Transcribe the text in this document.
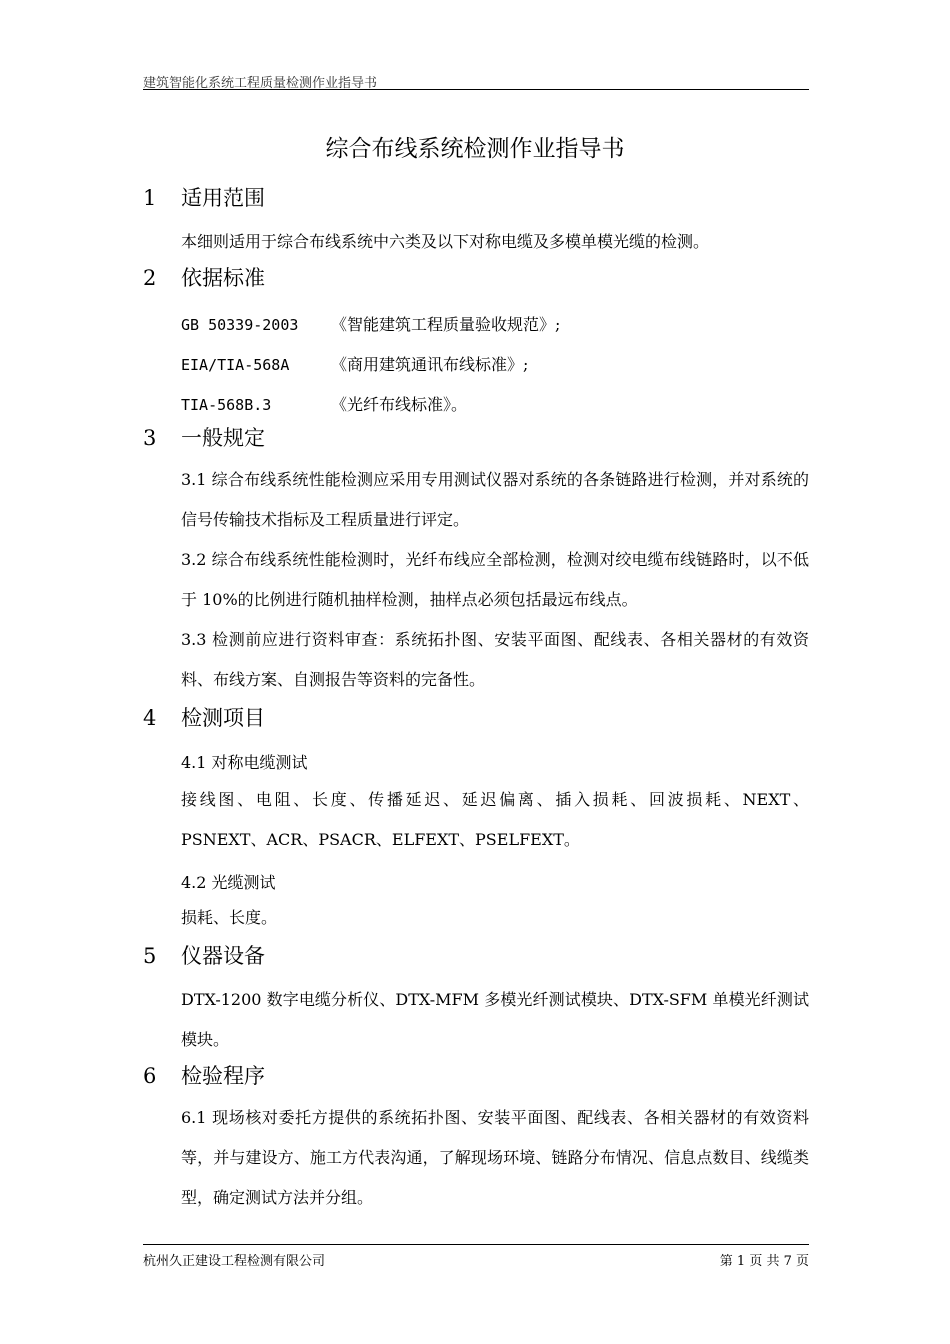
建筑智能化系统工程质量检测作业指导书
综合布线系统检测作业指导书
1 适用范围
本细则适用于综合布线系统中六类及以下对称电缆及多模单模光缆的检测。
2 依据标准
GB 50339-2003 《智能建筑工程质量验收规范》;
EIA/TIA-568A	《商用建筑通讯布线标准》;
TIA-568B.3	《光纤布线标准》。
3 一般规定
3.1 综合布线系统性能检测应采用专用测试仪器对系统的各条链路进行检测，并对系统的信号传输技术指标及工程质量进行评定。
3.2 综合布线系统性能检测时，光纤布线应全部检测，检测对绞电缆布线链路时，以不低于 10%的比例进行随机抽样检测，抽样点必须包括最远布线点。
3.3 检测前应进行资料审查：系统拓扑图、安装平面图、配线表、各相关器材的有效资料、布线方案、自测报告等资料的完备性。
4 检测项目
4.1 对称电缆测试
接线图、电阻、长度、传播延迟、延迟偏离、插入损耗、回波损耗、NEXT、PSNEXT、ACR、PSACR、ELFEXT、PSELFEXT。
4.2 光缆测试
损耗、长度。
5 仪器设备
DTX-1200 数字电缆分析仪、DTX-MFM 多模光纤测试模块、DTX-SFM 单模光纤测试模块。
6 检验程序
6.1 现场核对委托方提供的系统拓扑图、安装平面图、配线表、各相关器材的有效资料等，并与建设方、施工方代表沟通，了解现场环境、链路分布情况、信息点数目、线缆类型，确定测试方法并分组。
杭州久正建设工程检测有限公司	第 1 页 共 7 页
